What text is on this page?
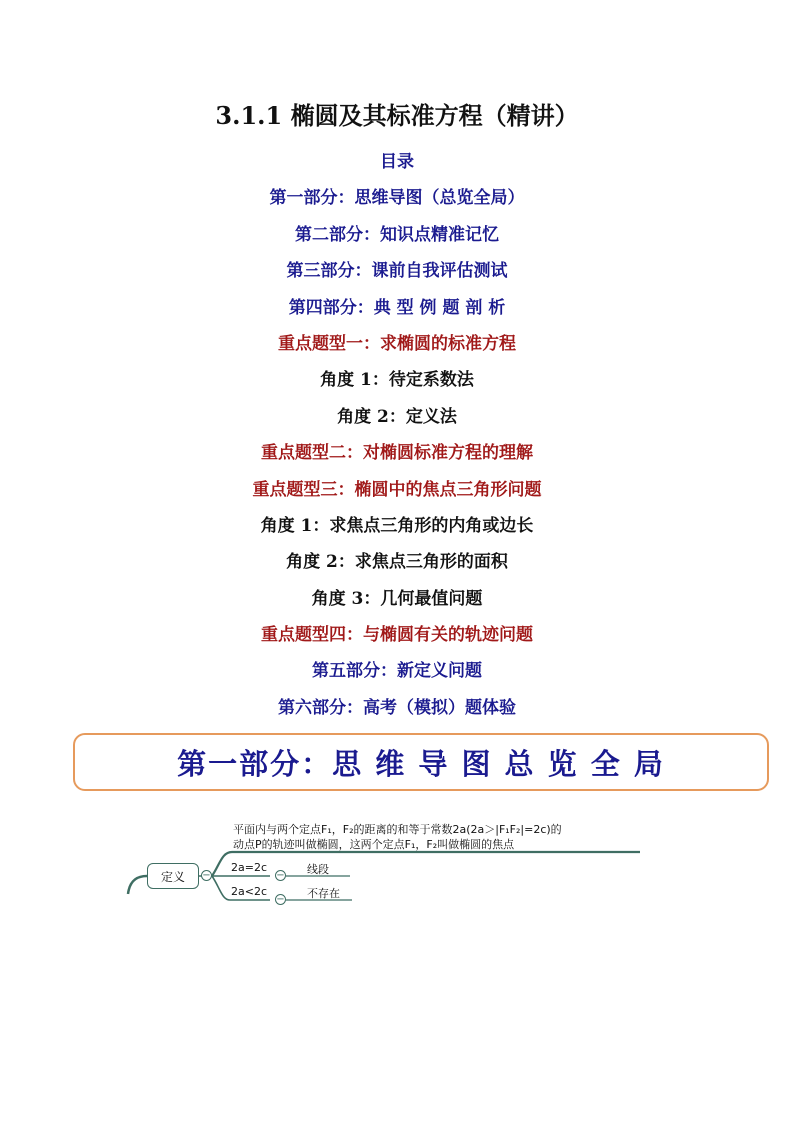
3.1.1 椭圆及其标准方程（精讲）
目录
第一部分：思维导图（总览全局）
第二部分：知识点精准记忆
第三部分：课前自我评估测试
第四部分：典 型 例 题 剖 析
重点题型一：求椭圆的标准方程
角度 1：待定系数法
角度 2：定义法
重点题型二：对椭圆标准方程的理解
重点题型三：椭圆中的焦点三角形问题
角度 1：求焦点三角形的内角或边长
角度 2：求焦点三角形的面积
角度 3：几何最值问题
重点题型四：与椭圆有关的轨迹问题
第五部分：新定义问题
第六部分：高考（模拟）题体验
第一部分：思 维 导 图 总 览 全 局
定义	−	−
−
平面内与两个定点F₁，F₂的距离的和等于常数2a(2a＞|F₁F₂|=2c)的
动点P的轨迹叫做椭圆，这两个定点F₁，F₂叫做椭圆的焦点
2a=2c	线段
2a<2c	不存在
